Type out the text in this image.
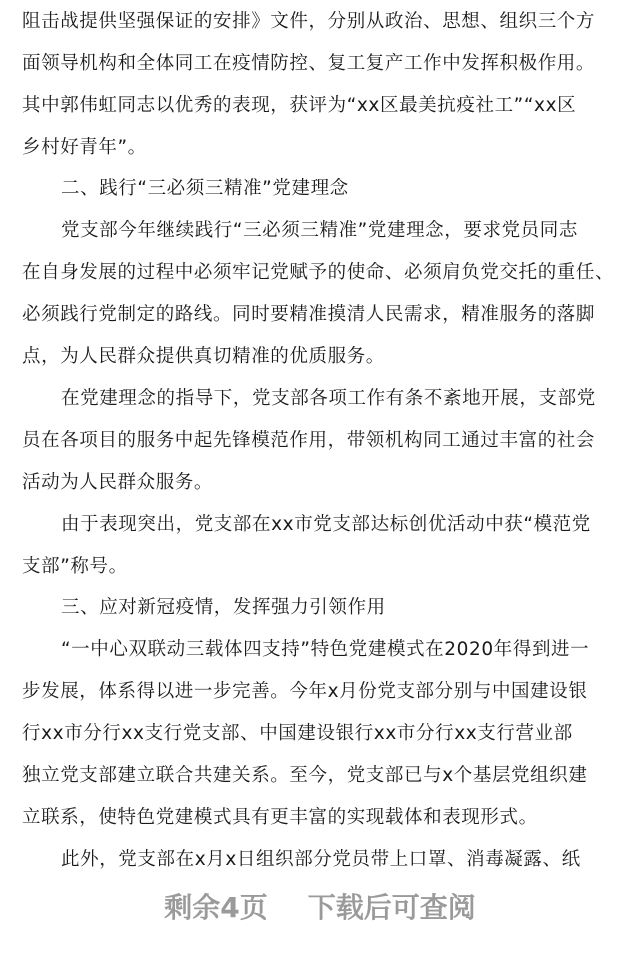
阻击战提供坚强保证的安排》文件，分别从政治、思想、组织三个方
面领导机构和全体同工在疫情防控、复工复产工作中发挥积极作用。
其中郭伟虹同志以优秀的表现，获评为“xx区最美抗疫社工”“xx区
乡村好青年”。
二、践行“三必须三精准”党建理念
党支部今年继续践行“三必须三精准”党建理念，要求党员同志
在自身发展的过程中必须牢记党赋予的使命、必须肩负党交托的重任、
必须践行党制定的路线。同时要精准摸清人民需求，精准服务的落脚
点，为人民群众提供真切精准的优质服务。
在党建理念的指导下，党支部各项工作有条不紊地开展，支部党
员在各项目的服务中起先锋模范作用，带领机构同工通过丰富的社会
活动为人民群众服务。
由于表现突出，党支部在xx市党支部达标创优活动中获“模范党
支部”称号。
三、应对新冠疫情，发挥强力引领作用
“一中心双联动三载体四支持”特色党建模式在2020年得到进一
步发展，体系得以进一步完善。今年x月份党支部分别与中国建设银
行xx市分行xx支行党支部、中国建设银行xx市分行xx支行营业部
独立党支部建立联合共建关系。至今，党支部已与x个基层党组织建
立联系，使特色党建模式具有更丰富的实现载体和表现形式。
此外，党支部在x月x日组织部分党员带上口罩、消毒凝露、纸
剩余4页 下载后可查阅
